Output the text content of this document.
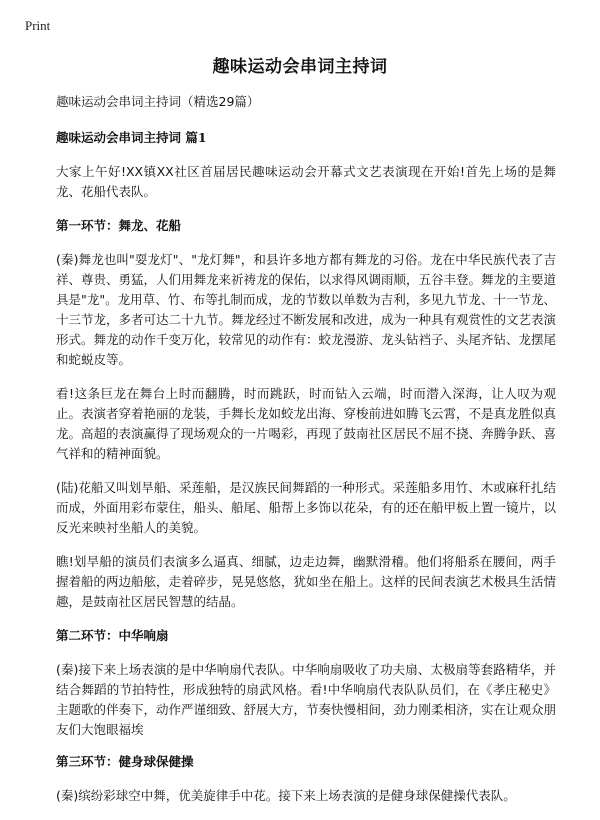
Print
趣味运动会串词主持词

趣味运动会串词主持词（精选29篇）

趣味运动会串词主持词 篇1

大家上午好!XX镇XX社区首届居民趣味运动会开幕式文艺表演现在开始!首先上场的是舞龙、花船代表队。

第一环节：舞龙、花船

(秦)舞龙也叫"耍龙灯"、"龙灯舞"，和县许多地方都有舞龙的习俗。龙在中华民族代表了吉祥、尊贵、勇猛，人们用舞龙来祈祷龙的保佑，以求得风调雨顺，五谷丰登。舞龙的主要道具是"龙"。龙用草、竹、布等扎制而成，龙的节数以单数为吉利，多见九节龙、十一节龙、十三节龙，多者可达二十九节。舞龙经过不断发展和改进，成为一种具有观赏性的文艺表演形式。舞龙的动作千变万化，较常见的动作有：蛟龙漫游、龙头钻裆子、头尾齐钻、龙摆尾和蛇蜕皮等。

看!这条巨龙在舞台上时而翻腾，时而跳跃，时而钻入云端，时而潜入深海，让人叹为观止。表演者穿着艳丽的龙装，手舞长龙如蛟龙出海、穿梭前进如腾飞云霄，不是真龙胜似真龙。高超的表演赢得了现场观众的一片喝彩，再现了鼓南社区居民不屈不挠、奔腾争跃、喜气祥和的精神面貌。

(陆)花船又叫划旱船、采莲船，是汉族民间舞蹈的一种形式。采莲船多用竹、木或麻秆扎结而成，外面用彩布蒙住，船头、船尾、船帮上多饰以花朵，有的还在船甲板上置一镜片，以反光来映衬坐船人的美貌。

瞧!划旱船的演员们表演多么逼真、细腻，边走边舞，幽默滑稽。他们将船系在腰间，两手握着船的两边船舷，走着碎步，晃晃悠悠，犹如坐在船上。这样的民间表演艺术极具生活情趣，是鼓南社区居民智慧的结晶。

第二环节：中华响扇

(秦)接下来上场表演的是中华响扇代表队。中华响扇吸收了功夫扇、太极扇等套路精华，并结合舞蹈的节拍特性，形成独特的扇武风格。看!中华响扇代表队队员们，在《孝庄秘史》主题歌的伴奏下，动作严谨细致、舒展大方，节奏快慢相间，劲力刚柔相济，实在让观众朋友们大饱眼福埃

第三环节：健身球保健操

(秦)缤纷彩球空中舞，优美旋律手中花。接下来上场表演的是健身球保健操代表队。
